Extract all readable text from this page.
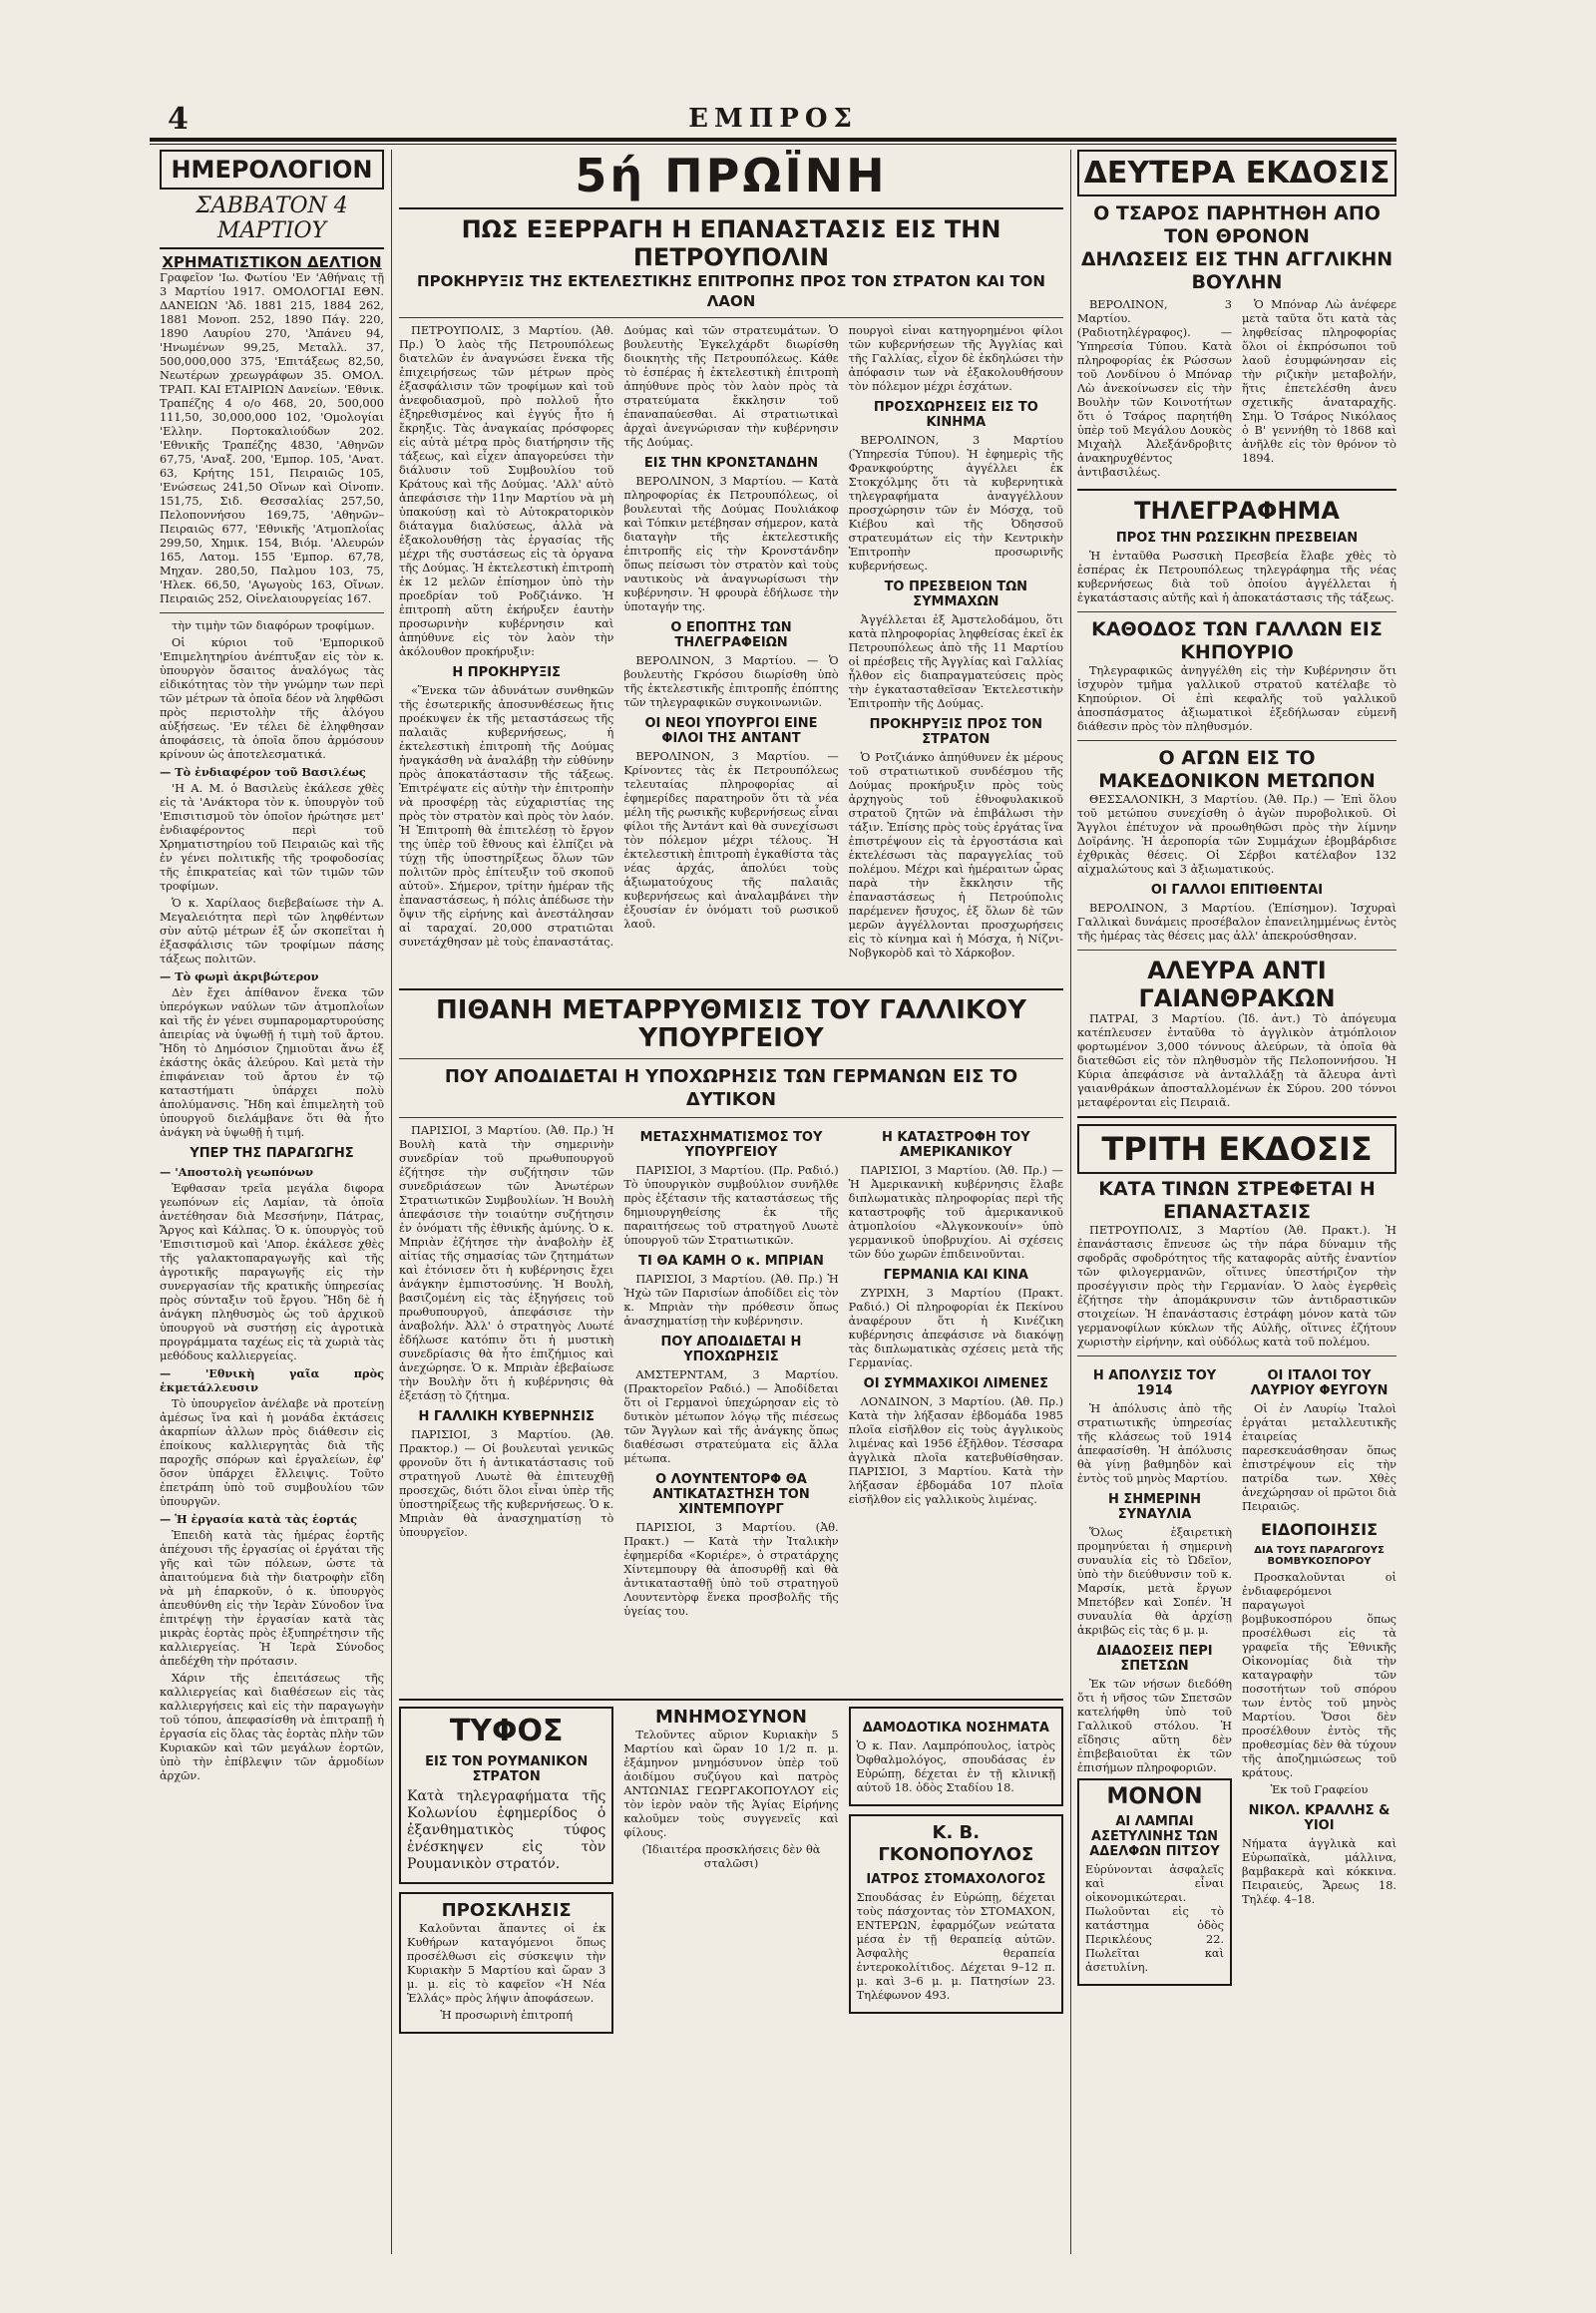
4	ΕΜΠΡΟΣ
ΗΜΕΡΟΛΟΓΙΟΝ
ΣΑΒΒΑΤΟΝ 4 ΜΑΡΤΙΟΥ
ΧΡΗΜΑΤΙΣΤΙΚΟΝ ΔΕΛΤΙΟΝ

Γραφεῖον 'Ιω. Φωτίου 'Εν 'Αθήναις τῇ 3 Μαρτίου 1917. ΟΜΟΛΟΓΙΑΙ ΕΘΝ. ΔΑΝΕΙΩΝ 'Ἀδ. 1881 215, 1884 262, 1881 Μονοπ. 252, 1890 Πάγ. 220, 1890 Λαυρίου 270, 'Ἀπάνευ 94, 'Ηνωμένων 99,25, Μεταλλ. 37, 500,000,000 375, 'Επιτάξεως 82,50, Νεωτέρων χρεωγράφων 35. ΟΜΟΛ. ΤΡΑΠ. ΚΑΙ ΕΤΑΙΡΙΩΝ Δανείων. 'Εθνικ. Τραπέζης 4 ο/ο 468, 20, 500,000 111,50, 30,000,000 102, 'Ομολογίαι 'Ελλην. Πορτοκαλιούδων 202. 'Εθνικῆς Τραπέζης 4830, 'Αθηνῶν 67,75, 'Αναξ. 200, 'Εμπορ. 105, 'Ανατ. 63, Κρήτης 151, Πειραιῶς 105, 'Ενώσεως 241,50 Οἴνων καὶ Οἰνοπν. 151,75, Σιδ. Θεσσαλίας 257,50, Πελοποννήσου 169,75, 'Αθηνῶν–Πειραιῶς 677, 'Εθνικῆς 'Ατμοπλοΐας 299,50, Χημικ. 154, Βιόμ. 'Αλευρών 165, Λατομ. 155 'Εμπορ. 67,78, Μηχαν. 280,50, Παλμου 103, 75, 'Ηλεκ. 66,50, 'Αγωγοὺς 163, Οἴνων. Πειραιῶς 252, Οἰνελαιουργείας 167.

τὴν τιμὴν τῶν διαφόρων τροφίμων.

Οἱ κύριοι τοῦ 'Εμπορικοῦ 'Επιμελητηρίου ἀνέπτυξαν εἰς τὸν κ. ὑπουργὸν ὅσαιτος ἀναλόγως τὰς εἰδικότητας τὸν τὴν γνώμην των περὶ τῶν μέτρων τὰ ὁποῖα δέον νὰ ληφθῶσι πρὸς περιστολὴν τῆς ἀλόγου αὐξήσεως. 'Εν τέλει δὲ ἐληφθησαν ἀποφάσεις, τὰ ὁποῖα ὅπου ἀρμόσουν κρίνουν ὡς ἀποτελεσματικά.

— Τὸ ἐνδιαφέρον τοῦ Βασιλέως

'Η Α. Μ. ὁ Βασιλεὺς ἐκάλεσε χθὲς εἰς τὰ 'Ανάκτορα τὸν κ. ὑπουργὸν τοῦ 'Επισιτισμοῦ τὸν ὁποῖον ἠρώτησε μετ' ἐνδιαφέροντος περὶ τοῦ Χρηματιστηρίου τοῦ Πειραιῶς καὶ τῆς ἐν γένει πολιτικῆς τῆς τροφοδοσίας τῆς ἐπικρατείας καὶ τῶν τιμῶν τῶν τροφίμων.

Ὁ κ. Χαρίλαος διεβεβαίωσε τὴν Α. Μεγαλειότητα περὶ τῶν ληφθέντων σὺν αὐτῷ μέτρων ἐξ ὧν σκοπεῖται ἡ ἐξασφάλισις τῶν τροφίμων πάσης τάξεως πολιτῶν.

— Τὸ φωμὶ ἀκριβώτερον

Δὲν ἔχει ἀπίθανον ἕνεκα τῶν ὑπερόγκων ναύλων τῶν ἀτμοπλοΐων καὶ τῆς ἐν γένει συμπαρομαρτυρούσης ἀπειρίας νὰ ὑψωθῇ ἡ τιμὴ τοῦ ἄρτου. Ἤδη τὸ Δημόσιον ζημιοῦται ἄνω ἐξ ἑκάστης ὀκᾶς ἀλεύρου. Καὶ μετὰ τὴν ἐπιφάνειαν τοῦ ἄρτου ἐν τῷ καταστήματι ὑπάρχει πολὺ ἀπολύμανσις. Ἤδη καὶ ἐπιμελητὴ τοῦ ὑπουργοῦ διελάμβανε ὅτι θὰ ἦτο ἀνάγκη νὰ ὑψωθῇ ἡ τιμή.

ΥΠΕΡ ΤΗΣ ΠΑΡΑΓΩΓΗΣ

— 'Αποστολὴ γεωπόνων

Ἐφθασαν τρεῖα μεγάλα διφορα γεωπόνων εἰς Λαμίαν, τὰ ὁποῖα ἀνετέθησαν διὰ Μεσσήνην, Πάτρας, Ἄργος καὶ Κάλπας. Ὁ κ. ὑπουργὸς τοῦ 'Επισιτισμοῦ καὶ 'Απορ. ἐκάλεσε χθὲς τῆς γαλακτοπαραγωγῆς καὶ τῆς ἀγροτικῆς παραγωγῆς εἰς τὴν συνεργασίαν τῆς κρατικῆς ὑπηρεσίας πρὸς σύνταξιν τοῦ ἔργου. Ἤδη δὲ ἡ ἀνάγκη πληθυσμὸς ὡς τοῦ ἀρχικοῦ ὑπουργοῦ νὰ συστήσῃ εἰς ἀγροτικὰ προγράμματα ταχέως εἰς τὰ χωριὰ τὰς μεθόδους καλλιεργείας.

— 'Εθνικὴ γαῖα πρὸς ἐκμετάλλευσιν

Τὸ ὑπουργεῖον ἀνέλαβε νὰ προτείνῃ ἀμέσως ἵνα καὶ ἡ μονάδα ἐκτάσεις ἀκαρπίων ἀλλων πρὸς διάθεσιν εἰς ἐποίκους καλλιεργητὰς διὰ τῆς παροχῆς σπόρων καὶ ἐργαλείων, ἐφ' ὅσον ὑπάρχει ἔλλειψις. Τοῦτο ἐπετράπη ὑπὸ τοῦ συμβουλίου τῶν ὑπουργῶν.

— Ἡ ἐργασία κατὰ τὰς ἑορτάς

Ἐπειδὴ κατὰ τὰς ἡμέρας ἑορτῆς ἀπέχουσι τῆς ἐργασίας οἱ ἐργάται τῆς γῆς καὶ τῶν πόλεων, ὡστε τὰ ἀπαιτούμενα διὰ τὴν διατροφὴν εἴδη νὰ μὴ ἐπαρκοῦν, ὁ κ. ὑπουργὸς ἀπευθύνθη εἰς τὴν Ἱερὰν Σύνοδον ἵνα ἐπιτρέψῃ τὴν ἐργασίαν κατὰ τὰς μικρὰς ἑορτὰς πρὸς ἐξυπηρέτησιν τῆς καλλιεργείας. Ἡ Ἱερὰ Σύνοδος ἀπεδέχθη τὴν πρότασιν.

Χάριν τῆς ἐπειτάσεως τῆς καλλιεργείας καὶ διαθέσεων εἰς τὰς καλλιεργήσεις καὶ εἰς τὴν παραγωγὴν τοῦ τόπου, ἀπεφασίσθη νὰ ἐπιτραπῇ ἡ ἐργασία εἰς ὅλας τὰς ἑορτὰς πλὴν τῶν Κυριακῶν καὶ τῶν μεγάλων ἑορτῶν, ὑπὸ τὴν ἐπίβλεψιν τῶν ἀρμοδίων ἀρχῶν.

5ή ΠΡΩΪΝΗ
ΠΩΣ ΕΞΕΡΡΑΓΗ Η ΕΠΑΝΑΣΤΑΣΙΣ ΕΙΣ ΤΗΝ ΠΕΤΡΟΥΠΟΛΙΝ
ΠΡΟΚΗΡΥΞΙΣ ΤΗΣ ΕΚΤΕΛΕΣΤΙΚΗΣ ΕΠΙΤΡΟΠΗΣ ΠΡΟΣ ΤΟΝ ΣΤΡΑΤΟΝ ΚΑΙ ΤΟΝ ΛΑΟΝ

ΠΕΤΡΟΥΠΟΛΙΣ, 3 Μαρτίου. (Ἀθ. Πρ.) Ὁ λαὸς τῆς Πετρουπόλεως διατελῶν ἐν ἀναγνώσει ἕνεκα τῆς ἐπιχειρήσεως τῶν μέτρων πρὸς ἐξασφάλισιν τῶν τροφίμων καὶ τοῦ ἀνεφοδιασμοῦ, πρὸ πολλοῦ ἦτο ἐξηρεθισμένος καὶ ἐγγύς ἦτο ἡ ἔκρηξις. Τὰς ἀναγκαίας πρόσφορες εἰς αὐτὰ μέτρα πρὸς διατήρησιν τῆς τάξεως, καὶ εἶχεν ἀπαγορεύσει τὴν διάλυσιν τοῦ Συμβουλίου τοῦ Κράτους καὶ τῆς Δούμας. 'Αλλ' αὐτὸ ἀπεφάσισε τὴν 11ην Μαρτίου νὰ μὴ ὑπακούσῃ καὶ τὸ Αὐτοκρατορικὸν διάταγμα διαλύσεως, ἀλλὰ νὰ ἐξακολουθήσῃ τὰς ἐργασίας τῆς μέχρι τῆς συστάσεως εἰς τὰ ὀργανα τῆς Δούμας. Ἡ ἐκτελεστικὴ ἐπιτροπὴ ἐκ 12 μελῶν ἐπίσημον ὑπὸ τὴν προεδρίαν τοῦ Ροδζιάνκο. Ἡ ἐπιτροπὴ αὕτη ἐκήρυξεν ἑαυτὴν προσωρινὴν κυβέρνησιν καὶ ἀπηύθυνε εἰς τὸν λαὸν τὴν ἀκόλουθον προκήρυξιν:

Η ΠΡΟΚΗΡΥΞΙΣ

«Ἕνεκα τῶν ἀδυνάτων συνθηκῶν τῆς ἐσωτερικῆς ἀποσυνθέσεως ἥτις προέκυψεν ἐκ τῆς μεταστάσεως τῆς παλαιᾶς κυβερνήσεως, ἡ ἐκτελεστικὴ ἐπιτροπὴ τῆς Δούμας ἠναγκάσθη νὰ ἀναλάβῃ τὴν εὐθύνην πρὸς ἀποκατάστασιν τῆς τάξεως. Ἐπιτρέψατε εἰς αὐτὴν τὴν ἐπιτροπὴν νὰ προσφέρῃ τὰς εὐχαριστίας της πρὸς τὸν στρατὸν καὶ πρὸς τὸν λαόν. Ἡ Ἐπιτροπὴ θὰ ἐπιτελέσῃ τὸ ἔργον της ὑπὲρ τοῦ ἔθνους καὶ ἐλπίζει νὰ τύχῃ τῆς ὑποστηρίξεως ὅλων τῶν πολιτῶν πρὸς ἐπίτευξιν τοῦ σκοποῦ αὐτοῦ». Σήμερον, τρίτην ἡμέραν τῆς ἐπαναστάσεως, ἡ πόλις ἀπέδωσε τὴν ὄψιν τῆς εἰρήνης καὶ ἀνεστάλησαν αἱ ταραχαί. 20,000 στρατιῶται συνετάχθησαν μὲ τοὺς ἐπαναστάτας.

Δούμας καὶ τῶν στρατευμάτων. Ὁ βουλευτὴς Ἐγκελχάρδτ διωρίσθη διοικητὴς τῆς Πετρουπόλεως. Κάθε τὸ ἑσπέρας ἡ ἐκτελεστικὴ ἐπιτροπὴ ἀπηύθυνε πρὸς τὸν λαὸν πρὸς τὰ στρατεύματα ἔκκλησιν τοῦ ἐπαναπαύεσθαι. Αἱ στρατιωτικαὶ ἀρχαὶ ἀνεγνώρισαν τὴν κυβέρνησιν τῆς Δούμας.

ΕΙΣ ΤΗΝ ΚΡΟΝΣΤΑΝΔΗΝ

ΒΕΡΟΛΙΝΟΝ, 3 Μαρτίου. — Κατὰ πληροφορίας ἐκ Πετρουπόλεως, οἱ βουλευταὶ τῆς Δούμας Πουλιάκοφ καὶ Τόπκιν μετέβησαν σήμερον, κατὰ διαταγὴν τῆς ἐκτελεστικῆς ἐπιτροπῆς εἰς τὴν Κρονστάνδην ὅπως πείσωσι τὸν στρατὸν καὶ τοὺς ναυτικοὺς νὰ ἀναγνωρίσωσι τὴν κυβέρνησιν. Ἡ φρουρὰ ἐδήλωσε τὴν ὑποταγήν της.

Ο ΕΠΟΠΤΗΣ ΤΩΝ ΤΗΛΕΓΡΑΦΕΙΩΝ

ΒΕΡΟΛΙΝΟΝ, 3 Μαρτίου. — Ὁ βουλευτὴς Γκρόσου διωρίσθη ὑπὸ τῆς ἐκτελεστικῆς ἐπιτροπῆς ἐπόπτης τῶν τηλεγραφικῶν συγκοινωνιῶν.

ΟΙ ΝΕΟΙ ΥΠΟΥΡΓΟΙ ΕΙΝΕ ΦΙΛΟΙ ΤΗΣ ΑΝΤΑΝΤ

ΒΕΡΟΛΙΝΟΝ, 3 Μαρτίου. — Κρίνοντες τὰς ἐκ Πετρουπόλεως τελευταίας πληροφορίας αἱ ἐφημερίδες παρατηροῦν ὅτι τὰ νέα μέλη τῆς ρωσικῆς κυβερνήσεως εἶναι φίλοι τῆς Ἀντάντ καὶ θὰ συνεχίσωσι τὸν πόλεμον μέχρι τέλους. Ἡ ἐκτελεστικὴ ἐπιτροπὴ ἐγκαθίστα τὰς νέας ἀρχάς, ἀπολύει τοὺς ἀξιωματούχους τῆς παλαιᾶς κυβερνήσεως καὶ ἀναλαμβάνει τὴν ἐξουσίαν ἐν ὀνόματι τοῦ ρωσικοῦ λαοῦ.

πουργοὶ εἶναι κατηγορημένοι φίλοι τῶν κυβερνήσεων τῆς Ἀγγλίας καὶ τῆς Γαλλίας, εἶχον δὲ ἐκδηλώσει τὴν ἀπόφασιν των νὰ ἐξακολουθήσουν τὸν πόλεμον μέχρι ἐσχάτων.

ΠΡΟΣΧΩΡΗΣΕΙΣ ΕΙΣ ΤΟ ΚΙΝΗΜΑ

ΒΕΡΟΛΙΝΟΝ, 3 Μαρτίου (Ὑπηρεσία Τύπου). Ἡ ἐφημερὶς τῆς Φρανκφούρτης ἀγγέλλει ἐκ Στοκχόλμης ὅτι τὰ κυβερνητικὰ τηλεγραφήματα ἀναγγέλλουν προσχώρησιν τῶν ἐν Μόσχᾳ, τοῦ Κιέβου καὶ τῆς Ὀδησσοῦ στρατευμάτων εἰς τὴν Κεντρικὴν Ἐπιτροπὴν προσωρινῆς κυβερνήσεως.

ΤΟ ΠΡΕΣΒΕΙΟΝ ΤΩΝ ΣΥΜΜΑΧΩΝ

Ἀγγέλλεται ἐξ Ἀμστελοδάμου, ὅτι κατὰ πληροφορίας ληφθείσας ἐκεῖ ἐκ Πετρουπόλεως ἀπὸ τῆς 11 Μαρτίου οἱ πρέσβεις τῆς Ἀγγλίας καὶ Γαλλίας ἦλθον εἰς διαπραγματεύσεις πρὸς τὴν ἐγκατασταθεῖσαν Ἐκτελεστικὴν Ἐπιτροπὴν τῆς Δούμας.

ΠΡΟΚΗΡΥΞΙΣ ΠΡΟΣ ΤΟΝ ΣΤΡΑΤΟΝ

Ὁ Ροτζιάνκο ἀπηύθυνεν ἐκ μέρους τοῦ στρατιωτικοῦ συνδέσμου τῆς Δούμας προκήρυξιν πρὸς τοὺς ἀρχηγοὺς τοῦ ἐθνοφυλακικοῦ στρατοῦ ζητῶν νὰ ἐπιβάλωσι τὴν τάξιν. Ἐπίσης πρὸς τοὺς ἐργάτας ἵνα ἐπιστρέψουν εἰς τὰ ἐργοστάσια καὶ ἐκτελέσωσι τὰς παραγγελίας τοῦ πολέμου. Μέχρι καὶ ἡμέραιτων ὧρας παρὰ τὴν ἔκκλησιν τῆς ἐπαναστάσεως ἡ Πετρούπολις παρέμενεν ἤσυχος, ἐξ ὅλων δὲ τῶν μερῶν ἀγγέλλονται προσχωρήσεις εἰς τὸ κίνημα καὶ ἡ Μόσχα, ἡ Νίζνι-Νοβγκορὸδ καὶ τὸ Χάρκοβον.

ΠΙΘΑΝΗ ΜΕΤΑΡΡΥΘΜΙΣΙΣ ΤΟΥ ΓΑΛΛΙΚΟΥ ΥΠΟΥΡΓΕΙΟΥ
ΠΟΥ ΑΠΟΔΙΔΕΤΑΙ Η ΥΠΟΧΩΡΗΣΙΣ ΤΩΝ ΓΕΡΜΑΝΩΝ ΕΙΣ ΤΟ ΔΥΤΙΚΟΝ

ΠΑΡΙΣΙΟΙ, 3 Μαρτίου. (Ἀθ. Πρ.) Ἡ Βουλὴ κατὰ τὴν σημερινὴν συνεδρίαν τοῦ πρωθυπουργοῦ ἐζήτησε τὴν συζήτησιν τῶν συνεδριάσεων τῶν Ἀνωτέρων Στρατιωτικῶν Συμβουλίων. Ἡ Βουλὴ ἀπεφάσισε τὴν τοιαύτην συζήτησιν ἐν ὀνόματι τῆς ἐθνικῆς ἀμύνης. Ὁ κ. Μπριὰν ἐζήτησε τὴν ἀναβολὴν ἐξ αἰτίας τῆς σημασίας τῶν ζητημάτων καὶ ἐτόνισεν ὅτι ἡ κυβέρνησις ἔχει ἀνάγκην ἐμπιστοσύνης. Ἡ Βουλὴ, βασιζομένη εἰς τὰς ἐξηγήσεις τοῦ πρωθυπουργοῦ, ἀπεφάσισε τὴν ἀναβολήν. Ἀλλ' ὁ στρατηγὸς Λυωτέ ἐδήλωσε κατόπιν ὅτι ἡ μυστικὴ συνεδρίασις θὰ ἦτο ἐπιζήμιος καὶ ἀνεχώρησε. Ὁ κ. Μπριὰν ἐβεβαίωσε τὴν Βουλὴν ὅτι ἡ κυβέρνησις θὰ ἐξετάσῃ τὸ ζήτημα.

Η ΓΑΛΛΙΚΗ ΚΥΒΕΡΝΗΣΙΣ

ΠΑΡΙΣΙΟΙ, 3 Μαρτίου. (Ἀθ. Πρακτορ.) — Οἱ βουλευταὶ γενικῶς φρονοῦν ὅτι ἡ ἀντικατάστασις τοῦ στρατηγοῦ Λυωτὲ θὰ ἐπιτευχθῇ προσεχῶς, διότι ὅλοι εἶναι ὑπὲρ τῆς ὑποστηρίξεως τῆς κυβερνήσεως. Ὁ κ. Μπριὰν θὰ ἀνασχηματίσῃ τὸ ὑπουργεῖον.

ΜΕΤΑΣΧΗΜΑΤΙΣΜΟΣ ΤΟΥ ΥΠΟΥΡΓΕΙΟΥ

ΠΑΡΙΣΙΟΙ, 3 Μαρτίου. (Πρ. Ραδιό.) Τὸ ὑπουργικὸν συμβούλιον συνῆλθε πρὸς ἐξέτασιν τῆς καταστάσεως τῆς δημιουργηθείσης ἐκ τῆς παραιτήσεως τοῦ στρατηγοῦ Λυωτὲ ὑπουργοῦ τῶν Στρατιωτικῶν.

ΤΙ ΘΑ ΚΑΜΗ Ο κ. ΜΠΡΙΑΝ

ΠΑΡΙΣΙΟΙ, 3 Μαρτίου. (Ἀθ. Πρ.) Ἡ Ἠχὼ τῶν Παρισίων ἀποδίδει εἰς τὸν κ. Μπριὰν τὴν πρόθεσιν ὅπως ἀνασχηματίσῃ τὴν κυβέρνησιν.

ΠΟΥ ΑΠΟΔΙΔΕΤΑΙ Η ΥΠΟΧΩΡΗΣΙΣ

ΑΜΣΤΕΡΝΤΑΜ, 3 Μαρτίου. (Πρακτορεῖον Ραδιό.) — Ἀποδίδεται ὅτι οἱ Γερμανοὶ ὑπεχώρησαν εἰς τὸ δυτικὸν μέτωπον λόγῳ τῆς πιέσεως τῶν Ἄγγλων καὶ τῆς ἀνάγκης ὅπως διαθέσωσι στρατεύματα εἰς ἄλλα μέτωπα.

Ο ΛΟΥΝΤΕΝΤΟΡΦ ΘΑ ΑΝΤΙΚΑΤΑΣΤΗΣΗ ΤΟΝ ΧΙΝΤΕΜΠΟΥΡΓ

ΠΑΡΙΣΙΟΙ, 3 Μαρτίου. (Ἀθ. Πρακτ.) — Κατὰ τὴν Ἱταλικὴν ἐφημερίδα «Κοριέρε», ὁ στρατάρχης Χίντεμπουργ θὰ ἀποσυρθῇ καὶ θὰ ἀντικατασταθῇ ὑπὸ τοῦ στρατηγοῦ Λουντεντὸρφ ἕνεκα προσβολῆς τῆς ὑγείας του.

Η ΚΑΤΑΣΤΡΟΦΗ ΤΟΥ ΑΜΕΡΙΚΑΝΙΚΟΥ

ΠΑΡΙΣΙΟΙ, 3 Μαρτίου. (Ἀθ. Πρ.) — Ἡ Ἀμερικανικὴ κυβέρνησις ἔλαβε διπλωματικὰς πληροφορίας περὶ τῆς καταστροφῆς τοῦ ἀμερικανικοῦ ἀτμοπλοίου «Ἀλγκονκουίν» ὑπὸ γερμανικοῦ ὑποβρυχίου. Αἱ σχέσεις τῶν δύο χωρῶν ἐπιδεινοῦνται.

ΓΕΡΜΑΝΙΑ ΚΑΙ ΚΙΝΑ

ΖΥΡΙΧΗ, 3 Μαρτίου (Πρακτ. Ραδιό.) Οἱ πληροφορίαι ἐκ Πεκίνου ἀναφέρουν ὅτι ἡ Κινέζικη κυβέρνησις ἀπεφάσισε νὰ διακόψῃ τὰς διπλωματικὰς σχέσεις μετὰ τῆς Γερμανίας.

ΟΙ ΣΥΜΜΑΧΙΚΟΙ ΛΙΜΕΝΕΣ

ΛΟΝΔΙΝΟΝ, 3 Μαρτίου. (Ἀθ. Πρ.) Κατὰ τὴν λήξασαν ἑβδομάδα 1985 πλοῖα εἰσῆλθον εἰς τοὺς ἀγγλικοὺς λιμένας καὶ 1956 ἐξῆλθον. Τέσσαρα ἀγγλικὰ πλοῖα κατεβυθίσθησαν. ΠΑΡΙΣΙΟΙ, 3 Μαρτίου. Κατὰ τὴν λήξασαν ἑβδομάδα 107 πλοῖα εἰσῆλθον εἰς γαλλικοὺς λιμένας.

ΤΥΦΟΣ
ΕΙΣ ΤΟΝ ΡΟΥΜΑΝΙΚΟΝ ΣΤΡΑΤΟΝ

Κατὰ τηλεγραφήματα τῆς Κολωνίου ἐφημερίδος ὁ ἐξανθηματικὸς τύφος ἐνέσκηψεν εἰς τὸν Ρουμανικὸν στρατόν.

ΠΡΟΣΚΛΗΣΙΣ

Καλοῦνται ἅπαντες οἱ ἐκ Κυθήρων καταγόμενοι ὅπως προσέλθωσι εἰς σύσκεψιν τὴν Κυριακὴν 5 Μαρτίου καὶ ὥραν 3 μ. μ. εἰς τὸ καφεῖον «Ἡ Νέα Ἑλλάς» πρὸς λήψιν ἀποφάσεων.

Ἡ προσωρινὴ ἐπιτροπή

ΜΝΗΜΟΣΥΝΟΝ

Τελοῦντες αὔριον Κυριακὴν 5 Μαρτίου καὶ ὥραν 10 1/2 π. μ. ἑξάμηνον μνημόσυνον ὑπὲρ τοῦ ἀοιδίμου συζύγου καὶ πατρὸς ΑΝΤΩΝΙΑΣ ΓΕΩΡΓΑΚΟΠΟΥΛΟΥ εἰς τὸν ἱερὸν ναὸν τῆς Ἁγίας Εἰρήνης καλοῦμεν τοὺς συγγενεῖς καὶ φίλους.

(Ἰδιαιτέρα προσκλήσεις δὲν θὰ σταλῶσι)

ΔΑΜΟΔΟΤΙΚΑ ΝΟΣΗΜΑΤΑ

Ὁ κ. Παν. Λαμπρόπουλος, ἰατρὸς Ὀφθαλμολόγος, σπουδάσας ἐν Εὐρώπῃ, δέχεται ἐν τῇ κλινικῇ αὐτοῦ 18. ὁδὸς Σταδίου 18.

Κ. Β. ΓΚΟΝΟΠΟΥΛΟΣ
ΙΑΤΡΟΣ ΣΤΟΜΑΧΟΛΟΓΟΣ

Σπουδάσας ἐν Εὐρώπῃ, δέχεται τοὺς πάσχοντας τὸν ΣΤΟΜΑΧΟΝ, ΕΝΤΕΡΩΝ, ἐφαρμόζων νεώτατα μέσα ἐν τῇ θεραπείᾳ αὐτῶν. Ἀσφαλὴς θεραπεία ἐντεροκολίτιδος. Δέχεται 9–12 π. μ. καὶ 3–6 μ. μ. Πατησίων 23. Τηλέφωνον 493.

ΔΕΥΤΕΡΑ ΕΚΔΟΣΙΣ
Ο ΤΣΑΡΟΣ ΠΑΡΗΤΗΘΗ ΑΠΟ ΤΟΝ ΘΡΟΝΟΝ
ΔΗΛΩΣΕΙΣ ΕΙΣ ΤΗΝ ΑΓΓΛΙΚΗΝ ΒΟΥΛΗΝ

ΒΕΡΟΛΙΝΟΝ, 3 Μαρτίου. (Ραδιοτηλέγραφος). — Ὑπηρεσία Τύπου. Κατὰ πληροφορίας ἐκ Ρώσσων τοῦ Λονδίνου ὁ Μπόναρ Λὼ ἀνεκοίνωσεν εἰς τὴν Βουλὴν τῶν Κοινοτήτων ὅτι ὁ Τσάρος παρητήθη ὑπὲρ τοῦ Μεγάλου Δουκὸς Μιχαὴλ Ἀλεξάνδροβιτς ἀνακηρυχθέντος ἀντιβασιλέως.

Ὁ Μπόναρ Λὼ ἀνέφερε μετὰ ταῦτα ὅτι κατὰ τὰς ληφθείσας πληροφορίας ὅλοι οἱ ἐκπρόσωποι τοῦ λαοῦ ἐσυμφώνησαν εἰς τὴν ριζικὴν μεταβολήν, ἥτις ἐπετελέσθη ἀνευ σχετικῆς ἀναταραχῆς. Σημ. Ὁ Τσάρος Νικόλαος ὁ Β' γεννήθη τὸ 1868 καὶ ἀνῆλθε εἰς τὸν θρόνον τὸ 1894.

ΤΗΛΕΓΡΑΦΗΜΑ
ΠΡΟΣ ΤΗΝ ΡΩΣΣΙΚΗΝ ΠΡΕΣΒΕΙΑΝ

Ἡ ἐνταῦθα Ρωσσικὴ Πρεσβεία ἔλαβε χθὲς τὸ ἑσπέρας ἐκ Πετρουπόλεως τηλεγράφημα τῆς νέας κυβερνήσεως διὰ τοῦ ὁποίου ἀγγέλλεται ἡ ἐγκατάστασις αὐτῆς καὶ ἡ ἀποκατάστασις τῆς τάξεως.

ΚΑΘΟΔΟΣ ΤΩΝ ΓΑΛΛΩΝ ΕΙΣ ΚΗΠΟΥΡΙΟ

Τηλεγραφικῶς ἀνηγγέλθη εἰς τὴν Κυβέρνησιν ὅτι ἰσχυρὸν τμῆμα γαλλικοῦ στρατοῦ κατέλαβε τὸ Κηπούριον. Οἱ ἐπὶ κεφαλῆς τοῦ γαλλικοῦ ἀποσπάσματος ἀξιωματικοὶ ἐξεδήλωσαν εὐμενῆ διάθεσιν πρὸς τὸν πληθυσμόν.

Ο ΑΓΩΝ ΕΙΣ ΤΟ ΜΑΚΕΔΟΝΙΚΟΝ ΜΕΤΩΠΟΝ

ΘΕΣΣΑΛΟΝΙΚΗ, 3 Μαρτίου. (Ἀθ. Πρ.) — Ἐπὶ ὅλου τοῦ μετώπου συνεχίσθη ὁ ἀγὼν πυροβολικοῦ. Οἱ Ἄγγλοι ἐπέτυχον νὰ προωθηθῶσι πρὸς τὴν λίμνην Δοϊράνης. Ἡ ἀεροπορία τῶν Συμμάχων ἐβομβάρδισε ἐχθρικὰς θέσεις. Οἱ Σέρβοι κατέλαβον 132 αἰχμαλώτους καὶ 3 ἀξιωματικούς.

ΟΙ ΓΑΛΛΟΙ ΕΠΙΤΙΘΕΝΤΑΙ

ΒΕΡΟΛΙΝΟΝ, 3 Μαρτίου. (Ἐπίσημον). Ἰσχυραὶ Γαλλικαὶ δυνάμεις προσέβαλον ἐπανειλημμένως ἐντὸς τῆς ἡμέρας τὰς θέσεις μας ἀλλ' ἀπεκρούσθησαν.

ΑΛΕΥΡΑ ΑΝΤΙ ΓΑΙΑΝΘΡΑΚΩΝ

ΠΑΤΡΑΙ, 3 Μαρτίου. (Ἰδ. ἀντ.) Τὸ ἀπόγευμα κατέπλευσεν ἐνταῦθα τὸ ἀγγλικὸν ἀτμόπλοιον φορτωμένον 3,000 τόννους ἀλεύρων, τὰ ὁποῖα θὰ διατεθῶσι εἰς τὸν πληθυσμὸν τῆς Πελοποννήσου. Ἡ Κύρια ἀπεφάσισε νὰ ἀνταλλάξῃ τὰ ἄλευρα ἀντὶ γαιανθράκων ἀποσταλλομένων ἐκ Σύρου. 200 τόννοι μεταφέρονται εἰς Πειραιᾶ.

ΤΡΙΤΗ ΕΚΔΟΣΙΣ
ΚΑΤΑ ΤΙΝΩΝ ΣΤΡΕΦΕΤΑΙ Η ΕΠΑΝΑΣΤΑΣΙΣ

ΠΕΤΡΟΥΠΟΛΙΣ, 3 Μαρτίου (Ἀθ. Πρακτ.). Ἡ ἐπανάστασις ἔπνευσε ὡς τὴν πάρα δύναμιν τῆς σφοδρᾶς σφοδρότητος τῆς καταφορᾶς αὐτῆς ἐναντίον τῶν φιλογερμανῶν, οἵτινες ὑπεστήριζον τὴν προσέγγισιν πρὸς τὴν Γερμανίαν. Ὁ λαὸς ἐγερθεὶς ἐζήτησε τὴν ἀπομάκρυνσιν τῶν ἀντιδραστικῶν στοιχείων. Ἡ ἐπανάστασις ἐστράφη μόνον κατὰ τῶν γερμανοφίλων κύκλων τῆς Αὐλῆς, οἵτινες ἐζήτουν χωριστὴν εἰρήνην, καὶ οὐδόλως κατὰ τοῦ πολέμου.

Η ΑΠΟΛΥΣΙΣ ΤΟΥ 1914

Ἡ ἀπόλυσις ἀπὸ τῆς στρατιωτικῆς ὑπηρεσίας τῆς κλάσεως τοῦ 1914 ἀπεφασίσθη. Ἡ ἀπόλυσις θὰ γίνῃ βαθμηδὸν καὶ ἐντὸς τοῦ μηνὸς Μαρτίου.

Η ΣΗΜΕΡΙΝΗ ΣΥΝΑΥΛΙΑ

Ὅλως ἐξαιρετικὴ προμηνύεται ἡ σημερινὴ συναυλία εἰς τὸ Ὠδεῖον, ὑπὸ τὴν διεύθυνσιν τοῦ κ. Μαρσίκ, μετὰ ἔργων Μπετόβεν καὶ Σοπέν. Ἡ συναυλία θὰ ἀρχίσῃ ἀκριβῶς εἰς τὰς 6 μ. μ.

ΔΙΑΔΟΣΕΙΣ ΠΕΡΙ ΣΠΕΤΣΩΝ

Ἐκ τῶν νήσων διεδόθη ὅτι ἡ νῆσος τῶν Σπετσῶν κατελήφθη ὑπὸ τοῦ Γαλλικοῦ στόλου. Ἡ εἴδησις αὕτη δὲν ἐπιβεβαιοῦται ἐκ τῶν ἐπισήμων πληροφοριῶν.

ΜΟΝΟΝ
ΑΙ ΛΑΜΠΑΙ ΑΣΕΤΥΛΙΝΗΣ ΤΩΝ ΑΔΕΛΦΩΝ ΠΙΤΣΟΥ

Εὐρύνονται ἀσφαλεῖς καὶ εἶναι οἰκονομικώτεραι. Πωλοῦνται εἰς τὸ κατάστημα ὁδὸς Περικλέους 22. Πωλεῖται καὶ ἀσετυλίνη.

ΟΙ ΙΤΑΛΟΙ ΤΟΥ ΛΑΥΡΙΟΥ ΦΕΥΓΟΥΝ

Οἱ ἐν Λαυρίῳ Ἰταλοὶ ἐργάται μεταλλευτικῆς ἐταιρείας παρεσκευάσθησαν ὅπως ἐπιστρέψουν εἰς τὴν πατρίδα των. Χθὲς ἀνεχώρησαν οἱ πρῶτοι διὰ Πειραιῶς.

ΕΙΔΟΠΟΙΗΣΙΣ
ΔΙΑ ΤΟΥΣ ΠΑΡΑΓΩΓΟΥΣ ΒΟΜΒΥΚΟΣΠΟΡΟΥ

Προσκαλοῦνται οἱ ἐνδιαφερόμενοι παραγωγοὶ βομβυκοσπόρου ὅπως προσέλθωσι εἰς τὰ γραφεῖα τῆς Ἐθνικῆς Οἰκονομίας διὰ τὴν καταγραφὴν τῶν ποσοτήτων τοῦ σπόρου των ἐντὸς τοῦ μηνὸς Μαρτίου. Ὅσοι δὲν προσέλθουν ἐντὸς τῆς προθεσμίας δὲν θὰ τύχουν τῆς ἀποζημιώσεως τοῦ κράτους.

Ἐκ τοῦ Γραφείου

ΝΙΚΟΛ. ΚΡΑΛΛΗΣ & ΥΙΟΙ

Νήματα ἀγγλικὰ καὶ Εὐρωπαϊκὰ, μάλλινα, βαμβακερὰ καὶ κόκκινα. Πειραιεύς, Ἄρεως 18. Τηλέφ. 4–18.
